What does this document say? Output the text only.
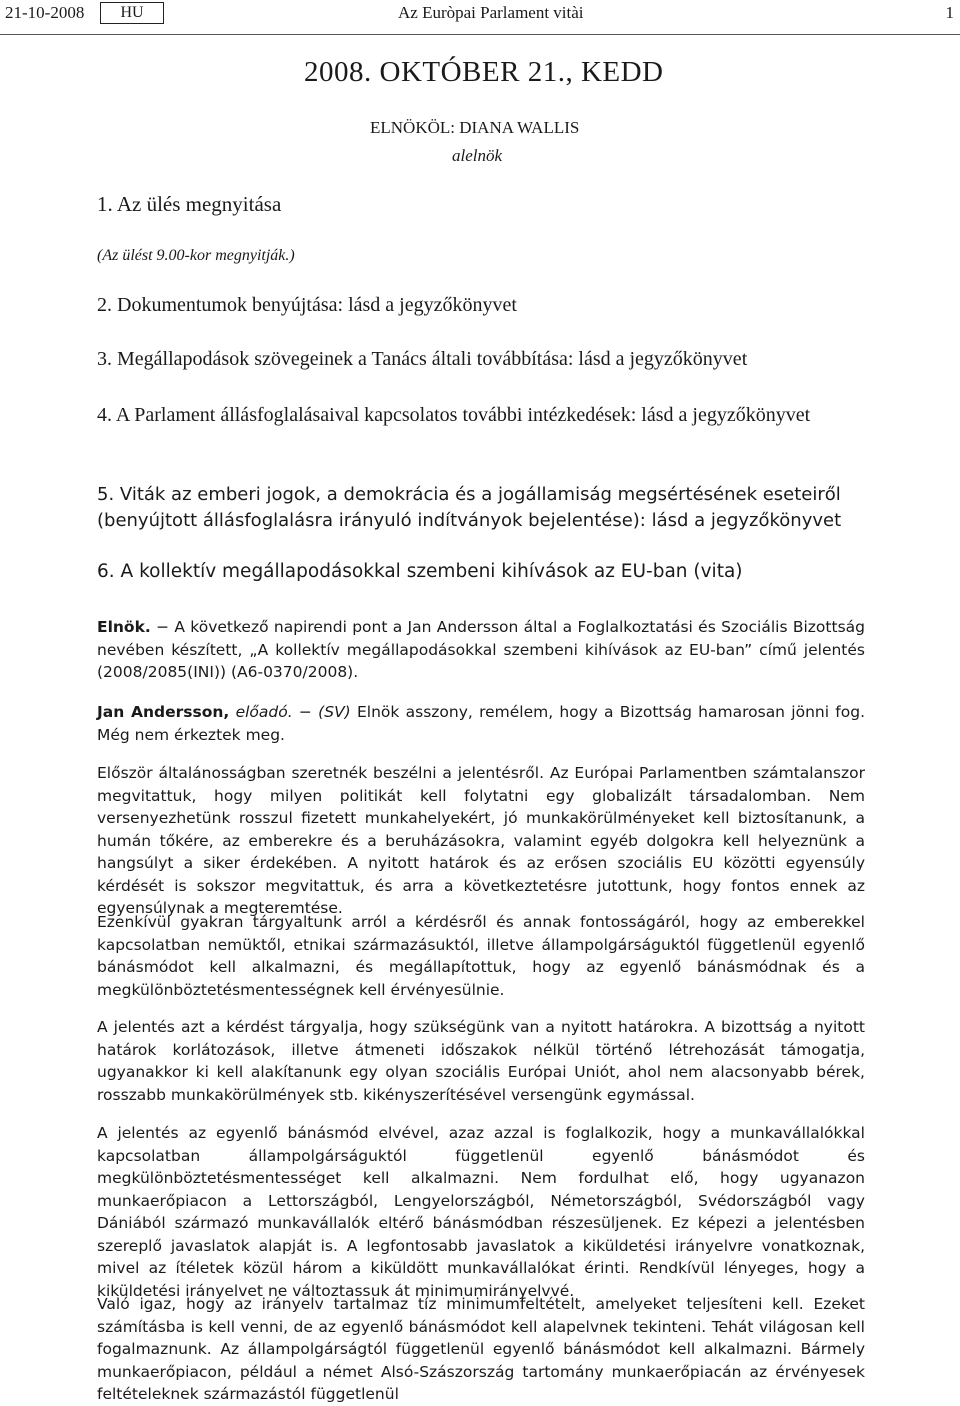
21-10-2008	HU	Az Euròpai Parlament vitài	1
2008. OKTÓBER 21., KEDD
ELNÖKÖL: DIANA WALLIS
alelnök
1. Az ülés megnyitása
(Az ülést 9.00-kor megnyitják.)
2. Dokumentumok benyújtása: lásd a jegyzőkönyvet
3. Megállapodások szövegeinek a Tanács általi továbbítása: lásd a jegyzőkönyvet
4. A Parlament állásfoglalásaival kapcsolatos további intézkedések: lásd a jegyzőkönyvet
5. Viták az emberi jogok, a demokrácia és a jogállamiság megsértésének eseteiről (benyújtott állásfoglalásra irányuló indítványok bejelentése): lásd a jegyzőkönyvet
6. A kollektív megállapodásokkal szembeni kihívások az EU-ban (vita)
Elnök. − A következő napirendi pont a Jan Andersson által a Foglalkoztatási és Szociális Bizottság nevében készített, „A kollektív megállapodásokkal szembeni kihívások az EU-ban” című jelentés (2008/2085(INI)) (A6-0370/2008).
Jan Andersson, előadó. − (SV) Elnök asszony, remélem, hogy a Bizottság hamarosan jönni fog. Még nem érkeztek meg.
Először általánosságban szeretnék beszélni a jelentésről. Az Európai Parlamentben számtalanszor megvitattuk, hogy milyen politikát kell folytatni egy globalizált társadalomban. Nem versenyezhetünk rosszul fizetett munkahelyekért, jó munkakörülményeket kell biztosítanunk, a humán tőkére, az emberekre és a beruházásokra, valamint egyéb dolgokra kell helyeznünk a hangsúlyt a siker érdekében. A nyitott határok és az erősen szociális EU közötti egyensúly kérdését is sokszor megvitattuk, és arra a következtetésre jutottunk, hogy fontos ennek az egyensúlynak a megteremtése.
Ezenkívül gyakran tárgyaltunk arról a kérdésről és annak fontosságáról, hogy az emberekkel kapcsolatban nemüktől, etnikai származásuktól, illetve állampolgárságuktól függetlenül egyenlő bánásmódot kell alkalmazni, és megállapítottuk, hogy az egyenlő bánásmódnak és a megkülönböztetésmentességnek kell érvényesülnie.
A jelentés azt a kérdést tárgyalja, hogy szükségünk van a nyitott határokra. A bizottság a nyitott határok korlátozások, illetve átmeneti időszakok nélkül történő létrehozását támogatja, ugyanakkor ki kell alakítanunk egy olyan szociális Európai Uniót, ahol nem alacsonyabb bérek, rosszabb munkakörülmények stb. kikényszerítésével versengünk egymással.
A jelentés az egyenlő bánásmód elvével, azaz azzal is foglalkozik, hogy a munkavállalókkal kapcsolatban állampolgárságuktól függetlenül egyenlő bánásmódot és megkülönböztetésmentességet kell alkalmazni. Nem fordulhat elő, hogy ugyanazon munkaerőpiacon a Lettországból, Lengyelországból, Németországból, Svédországból vagy Dániából származó munkavállalók eltérő bánásmódban részesüljenek. Ez képezi a jelentésben szereplő javaslatok alapját is. A legfontosabb javaslatok a kiküldetési irányelvre vonatkoznak, mivel az ítéletek közül három a kiküldött munkavállalókat érinti. Rendkívül lényeges, hogy a kiküldetési irányelvet ne változtassuk át minimumirányelvvé.
Való igaz, hogy az irányelv tartalmaz tíz minimumfeltételt, amelyeket teljesíteni kell. Ezeket számításba is kell venni, de az egyenlő bánásmódot kell alapelvnek tekinteni. Tehát világosan kell fogalmaznunk. Az állampolgárságtól függetlenül egyenlő bánásmódot kell alkalmazni. Bármely munkaerőpiacon, például a német Alsó-Szászország tartomány munkaerőpiacán az érvényesek feltételeknek származástól függetlenül
